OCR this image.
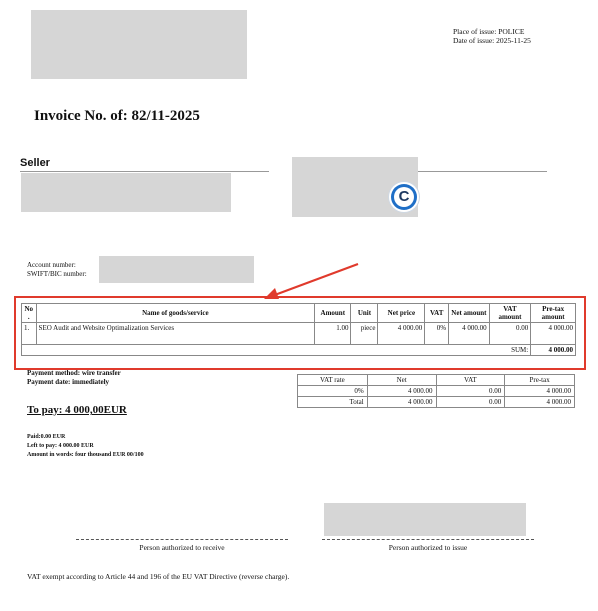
Place of issue: POLICE
Date of issue: 2025-11-25
Invoice No. of: 82/11-2025
Seller
C
Account number:
SWIFT/BIC number:
No .	Name of goods/service	Amount	Unit	Net price	VAT	Net amount	VAT amount	Pre-tax amount
1.	SEO Audit and Website Optimalization Services	1.00	piece	4 000.00	0%	4 000.00	0.00	4 000.00
SUM:								4 000.00
Payment method: wire transfer
Payment date: immediately	VAT rate	Net	VAT	Pre-tax
0%	4 000.00	0.00	4 000.00
Total	4 000.00	0.00	4 000.00
To pay: 4 000,00EUR
Paid:0.00 EUR
Left to pay: 4 000.00 EUR
Amount in words: four thousand EUR 00/100
Person authorized to receive	Person authorized to issue
VAT exempt according to Article 44 and 196 of the EU VAT Directive (reverse charge).
